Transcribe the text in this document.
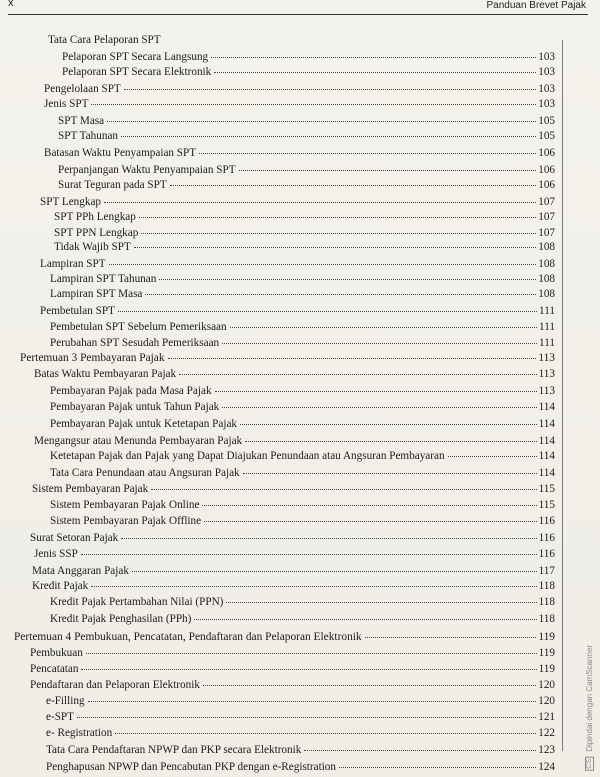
x	Panduan Brevet Pajak
Tata Cara Pelaporan SPT
Pelaporan SPT Secara Langsung	103
Pelaporan SPT Secara Elektronik	103
Pengelolaan SPT	103
Jenis SPT	103
SPT Masa	105
SPT Tahunan	105
Batasan Waktu Penyampaian SPT	106
Perpanjangan Waktu Penyampaian SPT	106
Surat Teguran pada SPT	106
SPT Lengkap	107
SPT PPh Lengkap	107
SPT PPN Lengkap	107
Tidak Wajib SPT	108
Lampiran SPT	108
Lampiran SPT Tahunan	108
Lampiran SPT Masa	108
Pembetulan SPT	111
Pembetulan SPT Sebelum Pemeriksaan	111
Perubahan SPT Sesudah Pemeriksaan	111
Pertemuan 3 Pembayaran Pajak	113
Batas Waktu Pembayaran Pajak	113
Pembayaran Pajak pada Masa Pajak	113
Pembayaran Pajak untuk Tahun Pajak	114
Pembayaran Pajak untuk Ketetapan Pajak	114
Mengangsur atau Menunda Pembayaran Pajak	114
Ketetapan Pajak dan Pajak yang Dapat Diajukan Penundaan atau Angsuran Pembayaran	114
Tata Cara Penundaan atau Angsuran Pajak	114
Sistem Pembayaran Pajak	115
Sistem Pembayaran Pajak Online	115
Sistem Pembayaran Pajak Offline	116
Surat Setoran Pajak	116
Jenis SSP	116
Mata Anggaran Pajak	117
Kredit Pajak	118
Kredit Pajak Pertambahan Nilai (PPN)	118
Kredit Pajak Penghasilan (PPh)	118
Pertemuan 4 Pembukuan, Pencatatan, Pendaftaran dan Pelaporan Elektronik	119
Pembukuan	119
Pencatatan	119
Pendaftaran dan Pelaporan Elektronik	120
e-Filling	120
e-SPT	121
e- Registration	122
Tata Cara Pendaftaran NPWP dan PKP secara Elektronik	123
Penghapusan NPWP dan Pencabutan PKP dengan e-Registration	124	CS Dipindai dengan CamScanner
